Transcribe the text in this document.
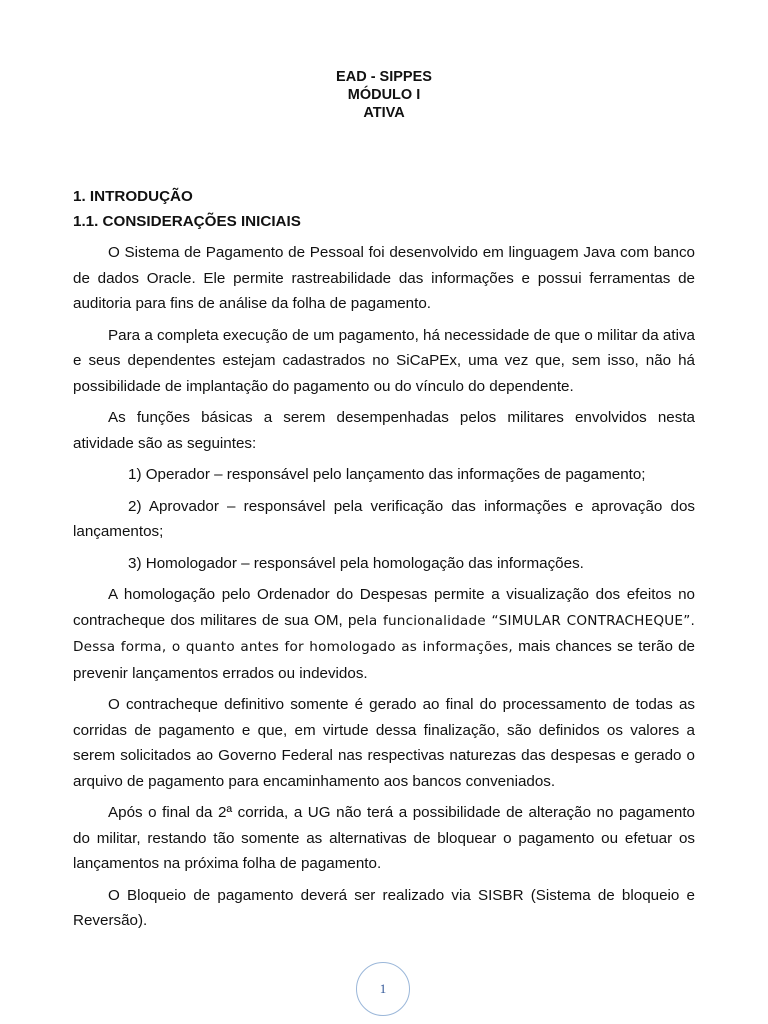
EAD - SIPPES
MÓDULO I
ATIVA
1. INTRODUÇÃO
1.1. CONSIDERAÇÕES INICIAIS

O Sistema de Pagamento de Pessoal foi desenvolvido em linguagem Java com banco de dados Oracle. Ele permite rastreabilidade das informações e possui ferramentas de auditoria para fins de análise da folha de pagamento.

Para a completa execução de um pagamento, há necessidade de que o militar da ativa e seus dependentes estejam cadastrados no SiCaPEx, uma vez que, sem isso, não há possibilidade de implantação do pagamento ou do vínculo do dependente.

As funções básicas a serem desempenhadas pelos militares envolvidos nesta atividade são as seguintes:

1) Operador – responsável pelo lançamento das informações de pagamento;

2) Aprovador – responsável pela verificação das informações e aprovação dos lançamentos;

3) Homologador – responsável pela homologação das informações.

A homologação pelo Ordenador do Despesas permite a visualização dos efeitos no contracheque dos militares de sua OM, pela funcionalidade “SIMULAR CONTRACHEQUE”. Dessa forma, o quanto antes for homologado as informações, mais chances se terão de prevenir lançamentos errados ou indevidos.

O contracheque definitivo somente é gerado ao final do processamento de todas as corridas de pagamento e que, em virtude dessa finalização, são definidos os valores a serem solicitados ao Governo Federal nas respectivas naturezas das despesas e gerado o arquivo de pagamento para encaminhamento aos bancos conveniados.

Após o final da 2ª corrida, a UG não terá a possibilidade de alteração no pagamento do militar, restando tão somente as alternativas de bloquear o pagamento ou efetuar os lançamentos na próxima folha de pagamento.

O Bloqueio de pagamento deverá ser realizado via SISBR (Sistema de bloqueio e Reversão).

1
